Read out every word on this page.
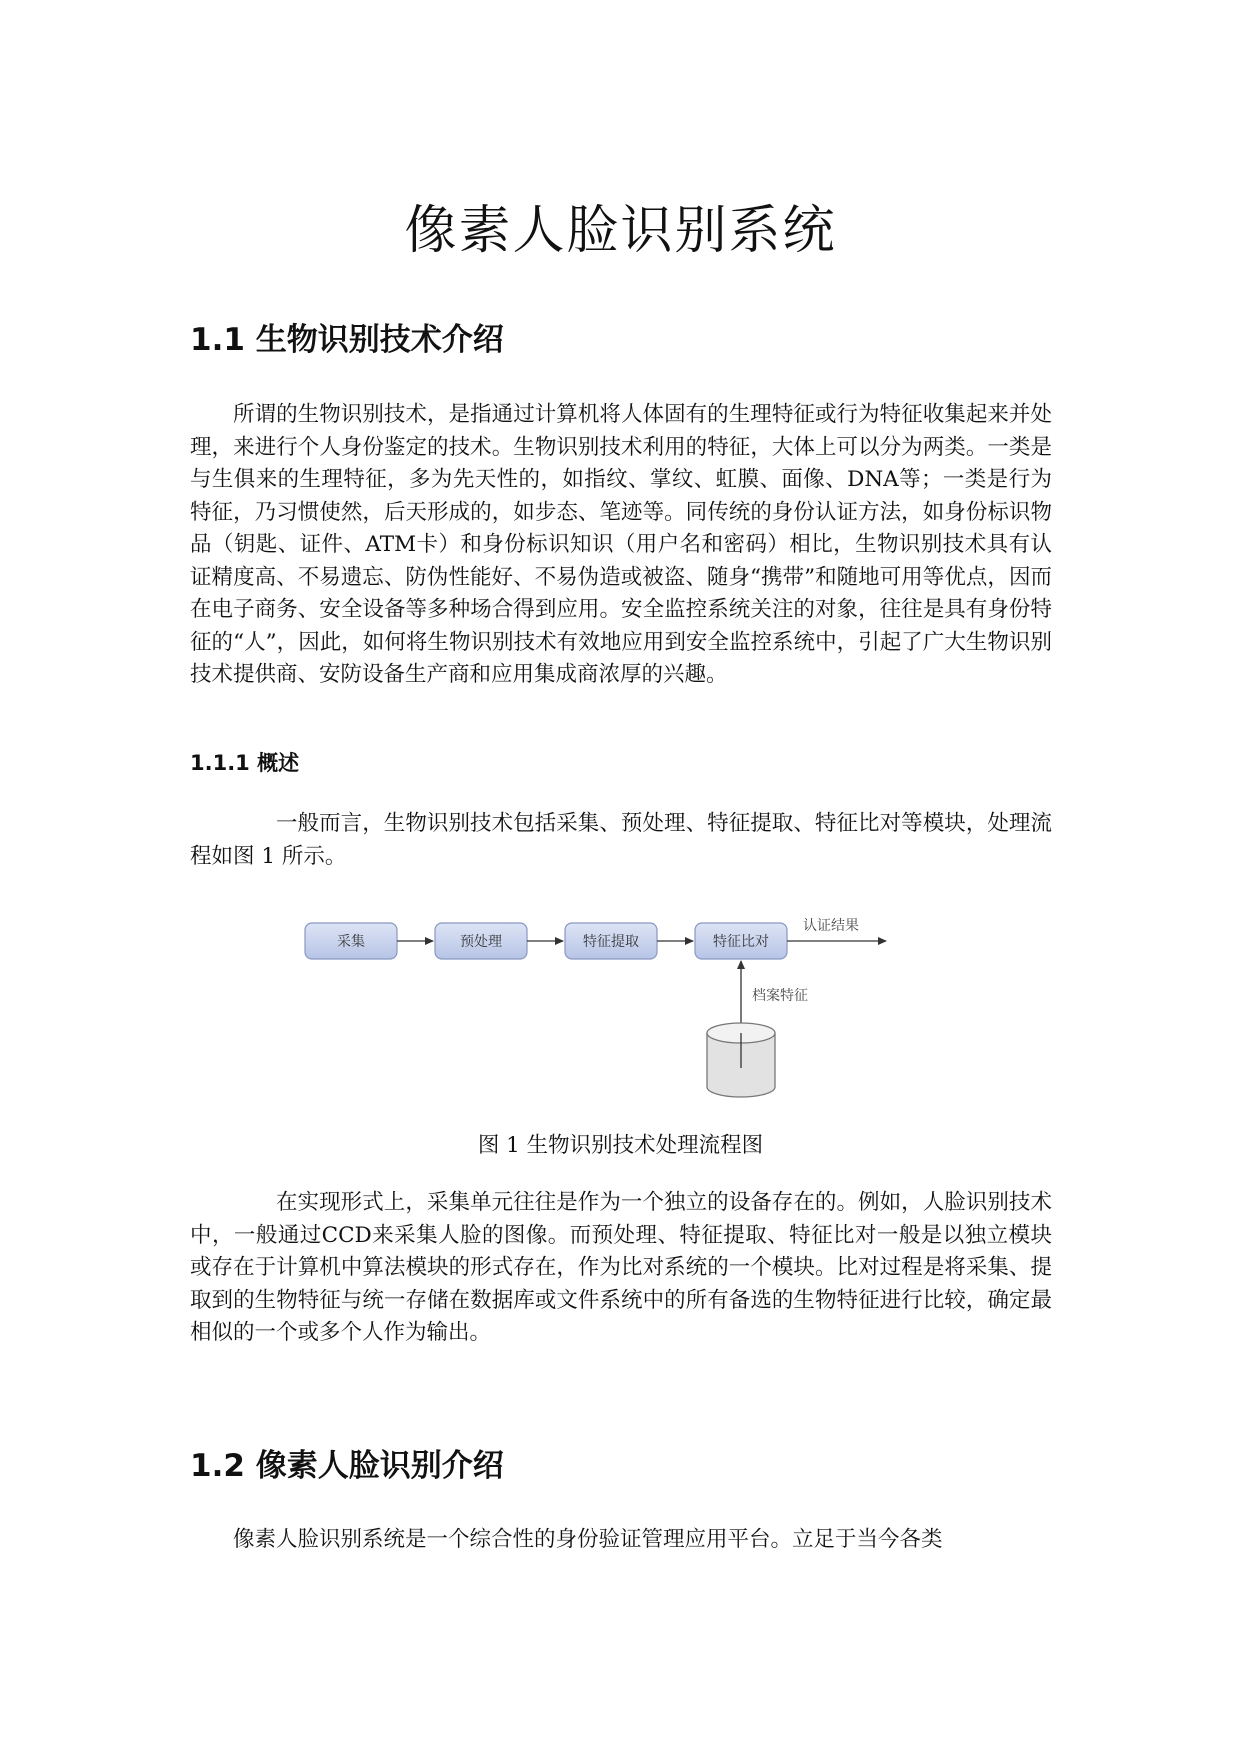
像素人脸识别系统
1.1 生物识别技术介绍

所谓的生物识别技术，是指通过计算机将人体固有的生理特征或行为特征收集起来并处理，来进行个人身份鉴定的技术。生物识别技术利用的特征，大体上可以分为两类。一类是与生俱来的生理特征，多为先天性的，如指纹、掌纹、虹膜、面像、DNA等；一类是行为特征，乃习惯使然，后天形成的，如步态、笔迹等。同传统的身份认证方法，如身份标识物品（钥匙、证件、ATM卡）和身份标识知识（用户名和密码）相比，生物识别技术具有认证精度高、不易遗忘、防伪性能好、不易伪造或被盗、随身“携带”和随地可用等优点，因而在电子商务、安全设备等多种场合得到应用。安全监控系统关注的对象，往往是具有身份特征的“人”，因此，如何将生物识别技术有效地应用到安全监控系统中，引起了广大生物识别技术提供商、安防设备生产商和应用集成商浓厚的兴趣。

1.1.1 概述

一般而言，生物识别技术包括采集、预处理、特征提取、特征比对等模块，处理流程如图 1 所示。

采集	预处理	特征提取	特征比对
认证结果
档案特征

图 1 生物识别技术处理流程图

在实现形式上，采集单元往往是作为一个独立的设备存在的。例如，人脸识别技术中，一般通过CCD来采集人脸的图像。而预处理、特征提取、特征比对一般是以独立模块或存在于计算机中算法模块的形式存在，作为比对系统的一个模块。比对过程是将采集、提取到的生物特征与统一存储在数据库或文件系统中的所有备选的生物特征进行比较，确定最相似的一个或多个人作为输出。

1.2 像素人脸识别介绍

像素人脸识别系统是一个综合性的身份验证管理应用平台。立足于当今各类
